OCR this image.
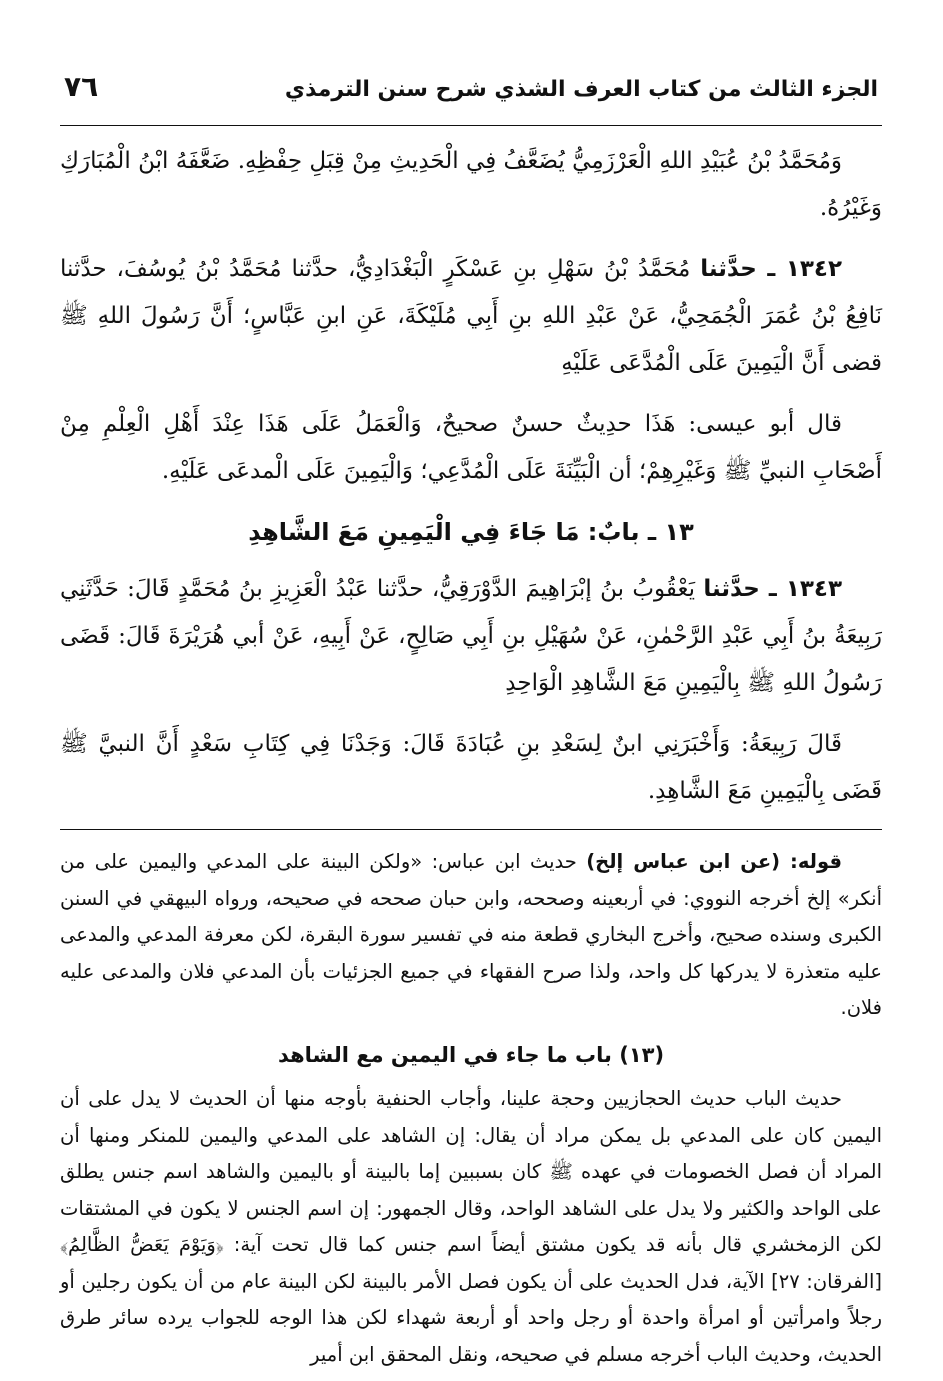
الجزء الثالث من كتاب العرف الشذي شرح سنن الترمذي
٧٦

وَمُحَمَّدُ بْنُ عُبَيْدِ اللهِ الْعَرْزَمِيُّ يُضَعَّفُ فِي الْحَدِيثِ مِنْ قِبَلِ حِفْظِهِ. ضَعَّفَهُ ابْنُ الْمُبَارَكِ وَغَيْرُهُ.

١٣٤٢ ـ حدَّثنا مُحَمَّدُ بْنُ سَهْلِ بنِ عَسْكَرٍ الْبَغْدَادِيُّ، حدَّثنا مُحَمَّدُ بْنُ يُوسُفَ، حدَّثنا نَافِعُ بْنُ عُمَرَ الْجُمَحِيُّ، عَنْ عَبْدِ اللهِ بنِ أَبِي مُلَيْكَةَ، عَنِ ابنِ عَبَّاسٍ؛ أَنَّ رَسُولَ اللهِ ﷺ قضى أَنَّ الْيَمِينَ عَلَى الْمُدَّعَى عَلَيْهِ

قال أبو عيسى: هَذَا حدِيثٌ حسنٌ صحيحٌ، وَالْعَمَلُ عَلَى هَذَا عِنْدَ أَهْلِ الْعِلْمِ مِنْ أَصْحَابِ النبيِّ ﷺ وَغَيْرِهِمْ؛ أن الْبَيِّنَةَ عَلَى الْمُدَّعِي؛ وَالْيَمِينَ عَلَى الْمدعَى عَلَيْهِ.

١٣ ـ بابٌ: مَا جَاءَ فِي الْيَمِينِ مَعَ الشَّاهِدِ

١٣٤٣ ـ حدَّثنا يَعْقُوبُ بنُ إبْرَاهِيمَ الدَّوْرَقِيُّ، حدَّثنا عَبْدُ الْعَزِيزِ بنُ مُحَمَّدٍ قَالَ: حَدَّثَنِي رَبِيعَةُ بنُ أَبِي عَبْدِ الرَّحْمٰنِ، عَنْ سُهَيْلِ بنِ أَبِي صَالِحٍ، عَنْ أَبِيهِ، عَنْ أبي هُرَيْرَةَ قَالَ: قَضَى رَسُولُ اللهِ ﷺ بِالْيَمِينِ مَعَ الشَّاهِدِ الْوَاحِدِ

قَالَ رَبِيعَةُ: وَأَخْبَرَنِي ابنٌ لِسَعْدِ بنِ عُبَادَةَ قَالَ: وَجَدْنَا فِي كِتَابِ سَعْدٍ أَنَّ النبيَّ ﷺ قَضَى بِالْيَمِينِ مَعَ الشَّاهِدِ.

قوله: (عن ابن عباس إلخ) حديث ابن عباس: «ولكن البينة على المدعي واليمين على من أنكر» إلخ أخرجه النووي: في أربعينه وصححه، وابن حبان صححه في صحيحه، ورواه البيهقي في السنن الكبرى وسنده صحيح، وأخرج البخاري قطعة منه في تفسير سورة البقرة، لكن معرفة المدعي والمدعى عليه متعذرة لا يدركها كل واحد، ولذا صرح الفقهاء في جميع الجزئيات بأن المدعي فلان والمدعى عليه فلان.

(١٣) باب ما جاء في اليمين مع الشاهد

حديث الباب حديث الحجازيين وحجة علينا، وأجاب الحنفية بأوجه منها أن الحديث لا يدل على أن اليمين كان على المدعي بل يمكن مراد أن يقال: إن الشاهد على المدعي واليمين للمنكر ومنها أن المراد أن فصل الخصومات في عهده ﷺ كان بسببين إما بالبينة أو باليمين والشاهد اسم جنس يطلق على الواحد والكثير ولا يدل على الشاهد الواحد، وقال الجمهور: إن اسم الجنس لا يكون في المشتقات لكن الزمخشري قال بأنه قد يكون مشتق أيضاً اسم جنس كما قال تحت آية: ﴿وَيَوْمَ يَعَضُّ الظَّالِمُ﴾ [الفرقان: ٢٧] الآية، فدل الحديث على أن يكون فصل الأمر بالبينة لكن البينة عام من أن يكون رجلين أو رجلاً وامرأتين أو امرأة واحدة أو رجل واحد أو أربعة شهداء لكن هذا الوجه للجواب يرده سائر طرق الحديث، وحديث الباب أخرجه مسلم في صحيحه، ونقل المحقق ابن أمير
